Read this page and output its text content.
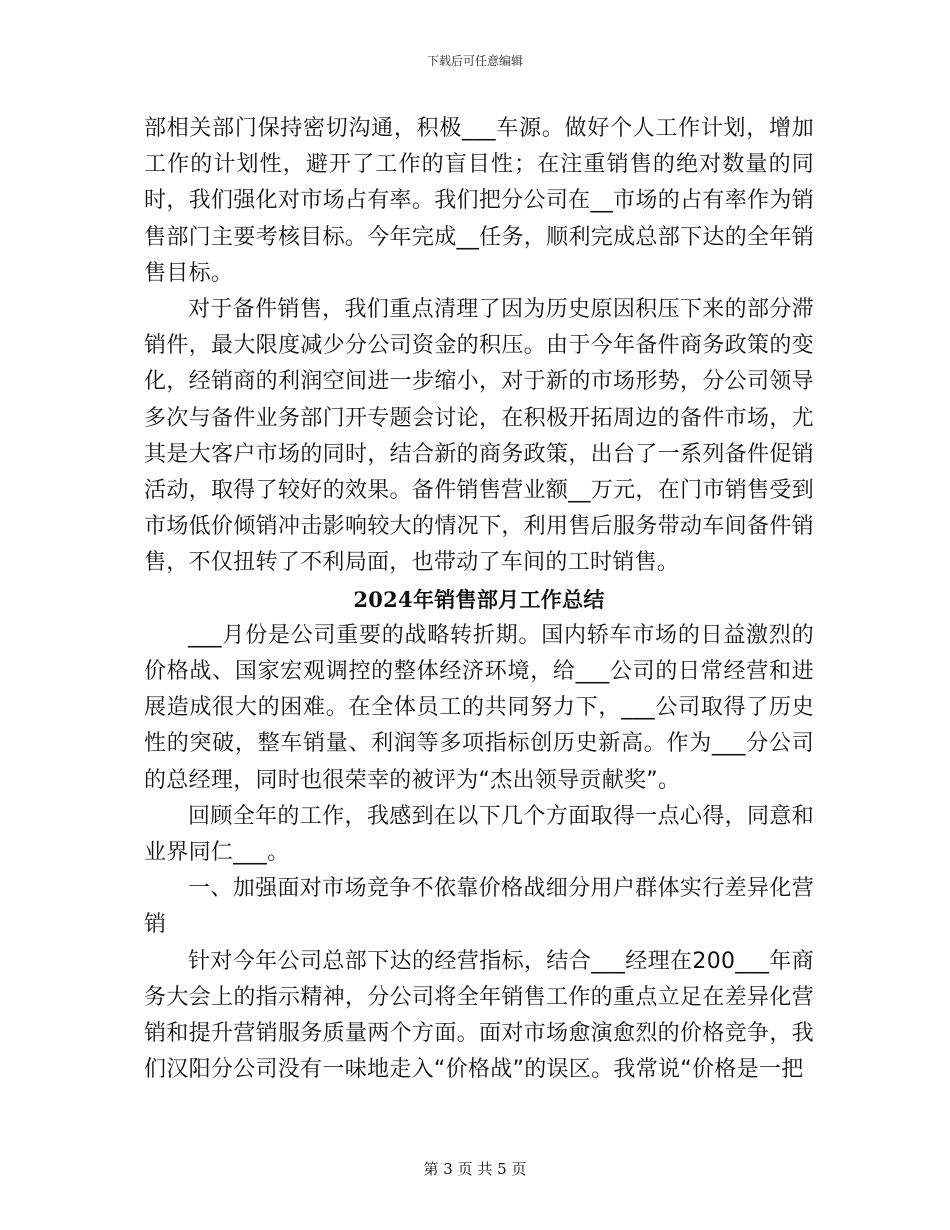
下载后可任意编辑

部相关部门保持密切沟通，积极___车源。做好个人工作计划，增加工作的计划性，避开了工作的盲目性；在注重销售的绝对数量的同时，我们强化对市场占有率。我们把分公司在__市场的占有率作为销售部门主要考核目标。今年完成__任务，顺利完成总部下达的全年销售目标。

对于备件销售，我们重点清理了因为历史原因积压下来的部分滞销件，最大限度减少分公司资金的积压。由于今年备件商务政策的变化，经销商的利润空间进一步缩小，对于新的市场形势，分公司领导多次与备件业务部门开专题会讨论，在积极开拓周边的备件市场，尤其是大客户市场的同时，结合新的商务政策，出台了一系列备件促销活动，取得了较好的效果。备件销售营业额__万元，在门市销售受到市场低价倾销冲击影响较大的情况下，利用售后服务带动车间备件销售，不仅扭转了不利局面，也带动了车间的工时销售。

2024年销售部月工作总结

___月份是公司重要的战略转折期。国内轿车市场的日益激烈的价格战、国家宏观调控的整体经济环境，给___公司的日常经营和进展造成很大的困难。在全体员工的共同努力下，___公司取得了历史性的突破，整车销量、利润等多项指标创历史新高。作为___分公司的总经理，同时也很荣幸的被评为“杰出领导贡献奖”。

回顾全年的工作，我感到在以下几个方面取得一点心得，同意和业界同仁___。

一、加强面对市场竞争不依靠价格战细分用户群体实行差异化营销

针对今年公司总部下达的经营指标，结合___经理在200___年商务大会上的指示精神，分公司将全年销售工作的重点立足在差异化营销和提升营销服务质量两个方面。面对市场愈演愈烈的价格竞争，我们汉阳分公司没有一味地走入“价格战”的误区。我常说“价格是一把

第 3 页 共 5 页
